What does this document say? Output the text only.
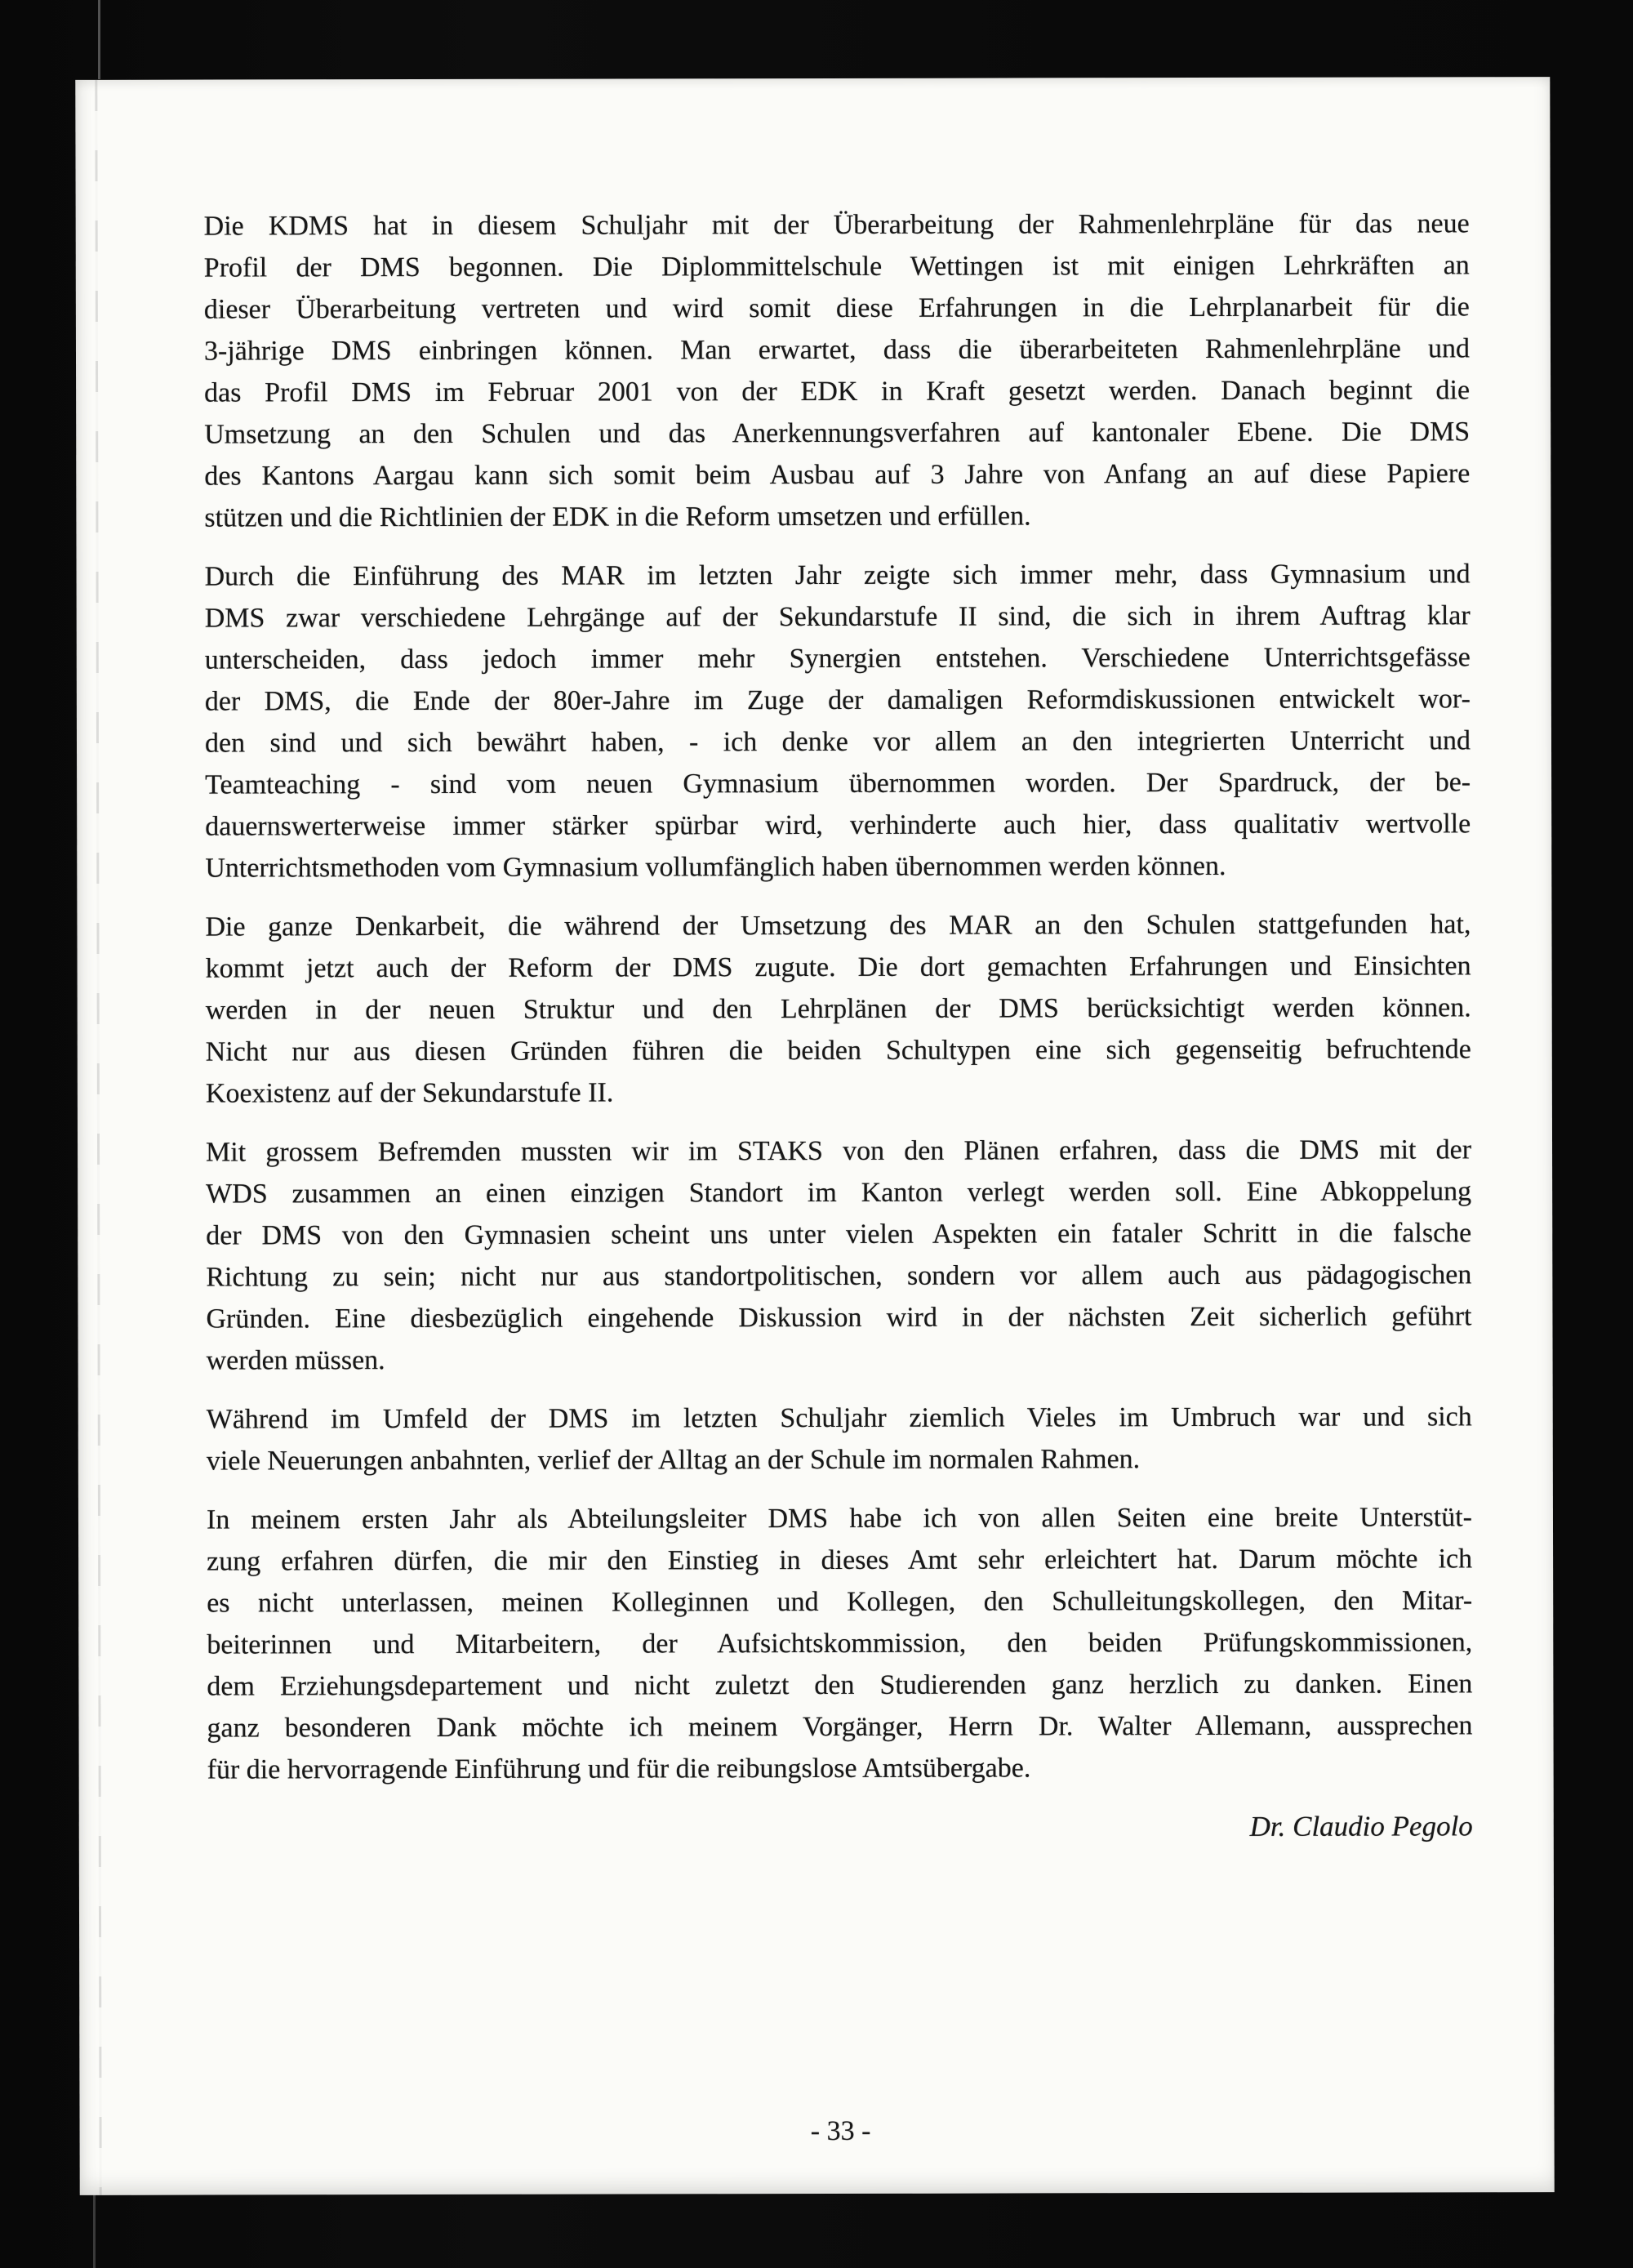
Die KDMS hat in diesem Schuljahr mit der Überarbeitung der Rahmenlehrpläne für das neue
Profil der DMS begonnen. Die Diplommittelschule Wettingen ist mit einigen Lehrkräften an
dieser Überarbeitung vertreten und wird somit diese Erfahrungen in die Lehrplanarbeit für die
3-jährige DMS einbringen können. Man erwartet, dass die überarbeiteten Rahmenlehrpläne und
das Profil DMS im Februar 2001 von der EDK in Kraft gesetzt werden. Danach beginnt die
Umsetzung an den Schulen und das Anerkennungsverfahren auf kantonaler Ebene. Die DMS
des Kantons Aargau kann sich somit beim Ausbau auf 3 Jahre von Anfang an auf diese Papiere
stützen und die Richtlinien der EDK in die Reform umsetzen und erfüllen.
Durch die Einführung des MAR im letzten Jahr zeigte sich immer mehr, dass Gymnasium und
DMS zwar verschiedene Lehrgänge auf der Sekundarstufe II sind, die sich in ihrem Auftrag klar
unterscheiden, dass jedoch immer mehr Synergien entstehen. Verschiedene Unterrichtsgefässe
der DMS, die Ende der 80er-Jahre im Zuge der damaligen Reformdiskussionen entwickelt wor-
den sind und sich bewährt haben, - ich denke vor allem an den integrierten Unterricht und
Teamteaching - sind vom neuen Gymnasium übernommen worden. Der Spardruck, der be-
dauernswerterweise immer stärker spürbar wird, verhinderte auch hier, dass qualitativ wertvolle
Unterrichtsmethoden vom Gymnasium vollumfänglich haben übernommen werden können.
Die ganze Denkarbeit, die während der Umsetzung des MAR an den Schulen stattgefunden hat,
kommt jetzt auch der Reform der DMS zugute. Die dort gemachten Erfahrungen und Einsichten
werden in der neuen Struktur und den Lehrplänen der DMS berücksichtigt werden können.
Nicht nur aus diesen Gründen führen die beiden Schultypen eine sich gegenseitig befruchtende
Koexistenz auf der Sekundarstufe II.
Mit grossem Befremden mussten wir im STAKS von den Plänen erfahren, dass die DMS mit der
WDS zusammen an einen einzigen Standort im Kanton verlegt werden soll. Eine Abkoppelung
der DMS von den Gymnasien scheint uns unter vielen Aspekten ein fataler Schritt in die falsche
Richtung zu sein; nicht nur aus standortpolitischen, sondern vor allem auch aus pädagogischen
Gründen. Eine diesbezüglich eingehende Diskussion wird in der nächsten Zeit sicherlich geführt
werden müssen.
Während im Umfeld der DMS im letzten Schuljahr ziemlich Vieles im Umbruch war und sich
viele Neuerungen anbahnten, verlief der Alltag an der Schule im normalen Rahmen.
In meinem ersten Jahr als Abteilungsleiter DMS habe ich von allen Seiten eine breite Unterstüt-
zung erfahren dürfen, die mir den Einstieg in dieses Amt sehr erleichtert hat. Darum möchte ich
es nicht unterlassen, meinen Kolleginnen und Kollegen, den Schulleitungskollegen, den Mitar-
beiterinnen und Mitarbeitern, der Aufsichtskommission, den beiden Prüfungskommissionen,
dem Erziehungsdepartement und nicht zuletzt den Studierenden ganz herzlich zu danken. Einen
ganz besonderen Dank möchte ich meinem Vorgänger, Herrn Dr. Walter Allemann, aussprechen
für die hervorragende Einführung und für die reibungslose Amtsübergabe.
Dr. Claudio Pegolo
- 33 -
